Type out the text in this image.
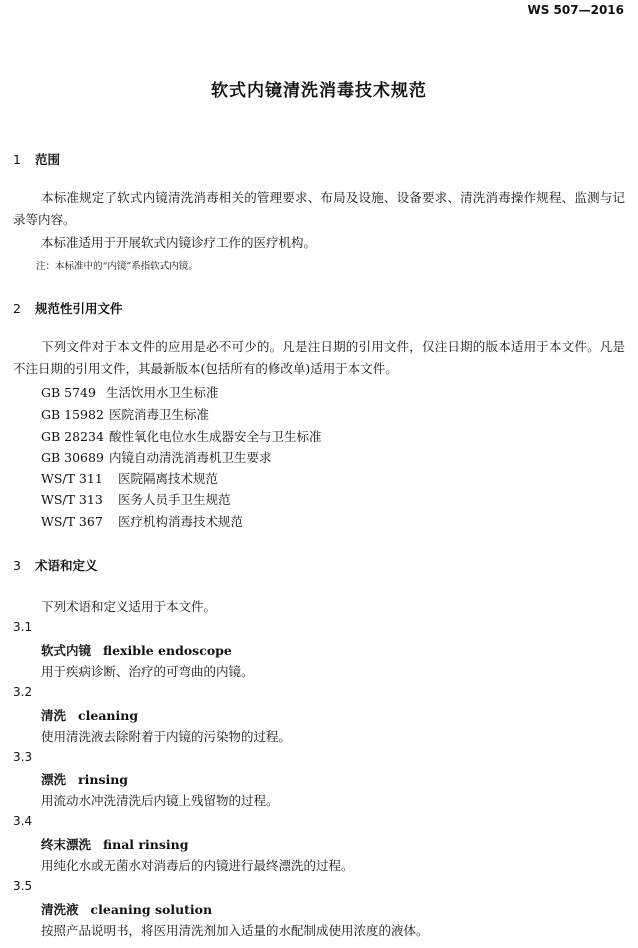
WS 507—2016
软式内镜清洗消毒技术规范
1 范围
本标准规定了软式内镜清洗消毒相关的管理要求、布局及设施、设备要求、清洗消毒操作规程、监测与记录等内容。
本标准适用于开展软式内镜诊疗工作的医疗机构。
注：本标准中的“内镜”系指软式内镜。
2 规范性引用文件
下列文件对于本文件的应用是必不可少的。凡是注日期的引用文件，仅注日期的版本适用于本文件。凡是不注日期的引用文件，其最新版本(包括所有的修改单)适用于本文件。
GB 5749 生活饮用水卫生标准
GB 15982 医院消毒卫生标准
GB 28234 酸性氧化电位水生成器安全与卫生标准
GB 30689 内镜自动清洗消毒机卫生要求
WS/T 311 医院隔离技术规范
WS/T 313 医务人员手卫生规范
WS/T 367 医疗机构消毒技术规范
3 术语和定义
下列术语和定义适用于本文件。
3.1
软式内镜 flexible endoscope
用于疾病诊断、治疗的可弯曲的内镜。
3.2
清洗 cleaning
使用清洗液去除附着于内镜的污染物的过程。
3.3
漂洗 rinsing
用流动水冲洗清洗后内镜上残留物的过程。
3.4
终末漂洗 final rinsing
用纯化水或无菌水对消毒后的内镜进行最终漂洗的过程。
3.5
清洗液 cleaning solution
按照产品说明书，将医用清洗剂加入适量的水配制成使用浓度的液体。
